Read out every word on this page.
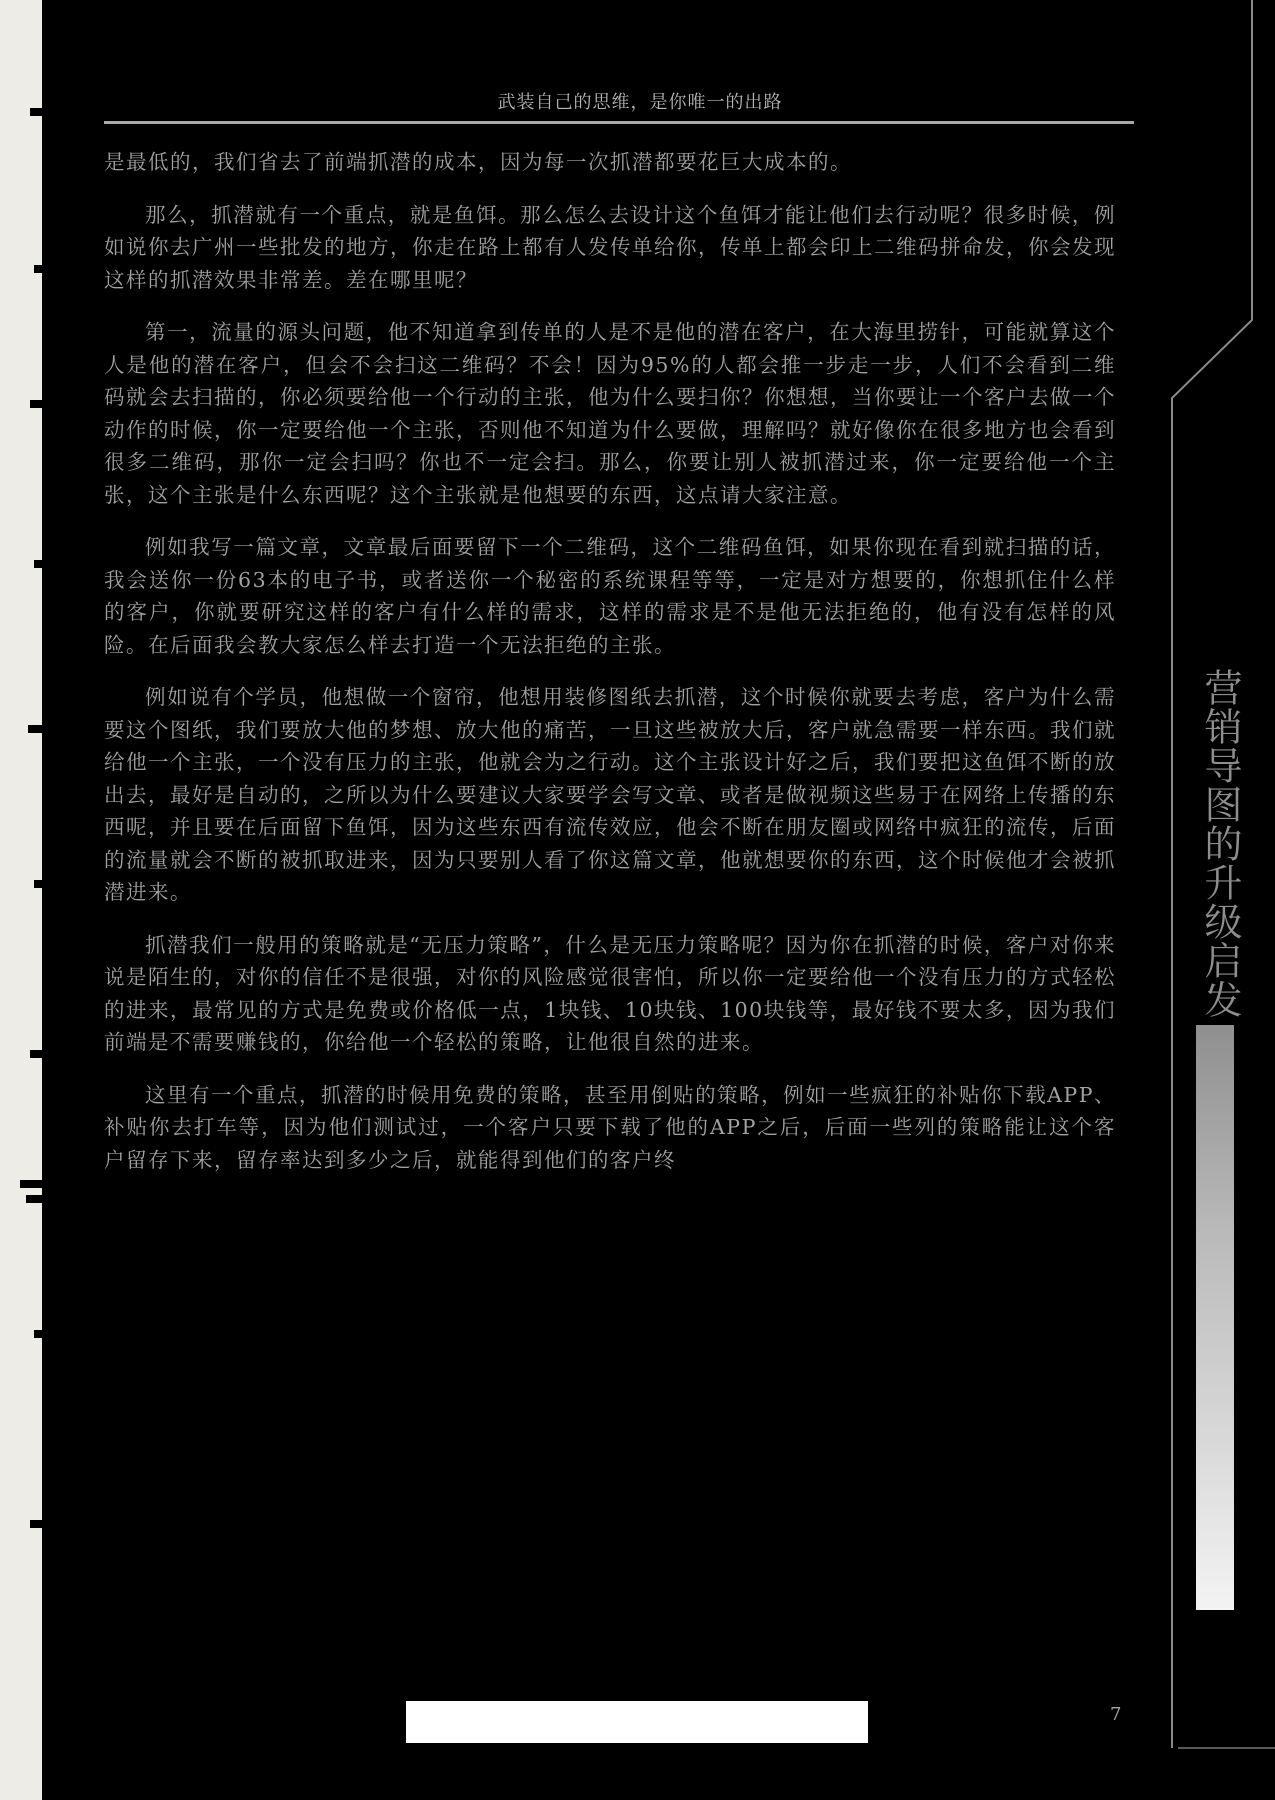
武装自己的思维，是你唯一的出路

是最低的，我们省去了前端抓潜的成本，因为每一次抓潜都要花巨大成本的。

那么，抓潜就有一个重点，就是鱼饵。那么怎么去设计这个鱼饵才能让他们去行动呢？很多时候，例如说你去广州一些批发的地方，你走在路上都有人发传单给你，传单上都会印上二维码拼命发，你会发现这样的抓潜效果非常差。差在哪里呢？

第一，流量的源头问题，他不知道拿到传单的人是不是他的潜在客户，在大海里捞针，可能就算这个人是他的潜在客户，但会不会扫这二维码？不会！因为95%的人都会推一步走一步，人们不会看到二维码就会去扫描的，你必须要给他一个行动的主张，他为什么要扫你？你想想，当你要让一个客户去做一个动作的时候，你一定要给他一个主张，否则他不知道为什么要做，理解吗？就好像你在很多地方也会看到很多二维码，那你一定会扫吗？你也不一定会扫。那么，你要让别人被抓潜过来，你一定要给他一个主张，这个主张是什么东西呢？这个主张就是他想要的东西，这点请大家注意。

例如我写一篇文章，文章最后面要留下一个二维码，这个二维码鱼饵，如果你现在看到就扫描的话，我会送你一份63本的电子书，或者送你一个秘密的系统课程等等，一定是对方想要的，你想抓住什么样的客户，你就要研究这样的客户有什么样的需求，这样的需求是不是他无法拒绝的，他有没有怎样的风险。在后面我会教大家怎么样去打造一个无法拒绝的主张。

例如说有个学员，他想做一个窗帘，他想用装修图纸去抓潜，这个时候你就要去考虑，客户为什么需要这个图纸，我们要放大他的梦想、放大他的痛苦，一旦这些被放大后，客户就急需要一样东西。我们就给他一个主张，一个没有压力的主张，他就会为之行动。这个主张设计好之后，我们要把这鱼饵不断的放出去，最好是自动的，之所以为什么要建议大家要学会写文章、或者是做视频这些易于在网络上传播的东西呢，并且要在后面留下鱼饵，因为这些东西有流传效应，他会不断在朋友圈或网络中疯狂的流传，后面的流量就会不断的被抓取进来，因为只要别人看了你这篇文章，他就想要你的东西，这个时候他才会被抓潜进来。

抓潜我们一般用的策略就是“无压力策略”，什么是无压力策略呢？因为你在抓潜的时候，客户对你来说是陌生的，对你的信任不是很强，对你的风险感觉很害怕，所以你一定要给他一个没有压力的方式轻松的进来，最常见的方式是免费或价格低一点，1块钱、10块钱、100块钱等，最好钱不要太多，因为我们前端是不需要赚钱的，你给他一个轻松的策略，让他很自然的进来。

这里有一个重点，抓潜的时候用免费的策略，甚至用倒贴的策略，例如一些疯狂的补贴你下载APP、补贴你去打车等，因为他们测试过，一个客户只要下载了他的APP之后，后面一些列的策略能让这个客户留存下来，留存率达到多少之后，就能得到他们的客户终

营销导图的升级启发
7
